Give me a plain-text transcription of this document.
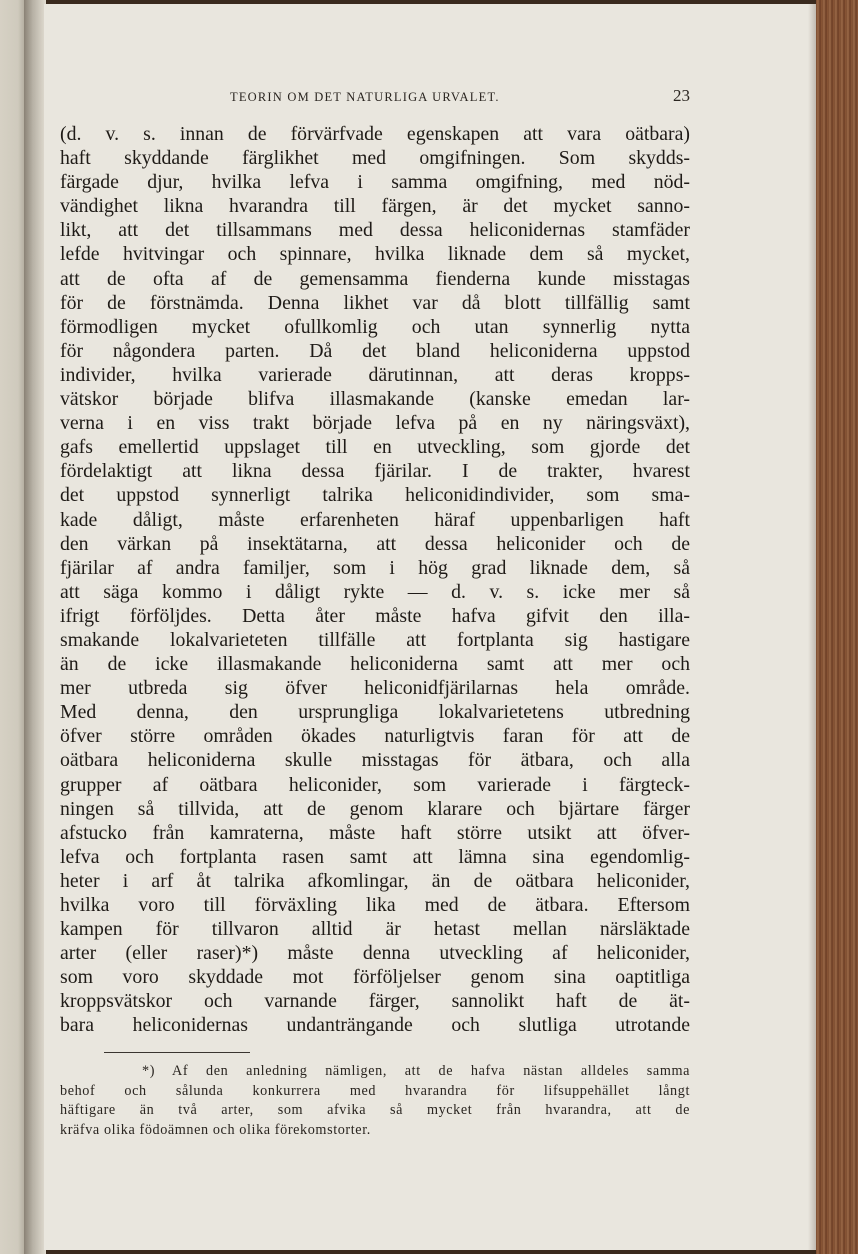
TEORIN OM DET NATURLIGA URVALET.	23
(d. v. s. innan de förvärfvade egenskapen att vara oätbara)
haft skyddande färglikhet med omgifningen. Som skydds-
färgade djur, hvilka lefva i samma omgifning, med nöd-
vändighet likna hvarandra till färgen, är det mycket sanno-
likt, att det tillsammans med dessa heliconidernas stamfäder
lefde hvitvingar och spinnare, hvilka liknade dem så mycket,
att de ofta af de gemensamma fienderna kunde misstagas
för de förstnämda. Denna likhet var då blott tillfällig samt
förmodligen mycket ofullkomlig och utan synnerlig nytta
för någondera parten. Då det bland heliconiderna uppstod
individer, hvilka varierade därutinnan, att deras kropps-
vätskor började blifva illasmakande (kanske emedan lar-
verna i en viss trakt började lefva på en ny näringsväxt),
gafs emellertid uppslaget till en utveckling, som gjorde det
fördelaktigt att likna dessa fjärilar. I de trakter, hvarest
det uppstod synnerligt talrika heliconidindivider, som sma-
kade dåligt, måste erfarenheten häraf uppenbarligen haft
den värkan på insektätarna, att dessa heliconider och de
fjärilar af andra familjer, som i hög grad liknade dem, så
att säga kommo i dåligt rykte — d. v. s. icke mer så
ifrigt förföljdes. Detta åter måste hafva gifvit den illa-
smakande lokalvarieteten tillfälle att fortplanta sig hastigare
än de icke illasmakande heliconiderna samt att mer och
mer utbreda sig öfver heliconidfjärilarnas hela område.
Med denna, den ursprungliga lokalvarietetens utbredning
öfver större områden ökades naturligtvis faran för att de
oätbara heliconiderna skulle misstagas för ätbara, och alla
grupper af oätbara heliconider, som varierade i färgteck-
ningen så tillvida, att de genom klarare och bjärtare färger
afstucko från kamraterna, måste haft större utsikt att öfver-
lefva och fortplanta rasen samt att lämna sina egendomlig-
heter i arf åt talrika afkomlingar, än de oätbara heliconider,
hvilka voro till förväxling lika med de ätbara. Eftersom
kampen för tillvaron alltid är hetast mellan närsläktade
arter (eller raser)*) måste denna utveckling af heliconider,
som voro skyddade mot förföljelser genom sina oaptitliga
kroppsvätskor och varnande färger, sannolikt haft de ät-
bara heliconidernas undanträngande och slutliga utrotande
*) Af den anledning nämligen, att de hafva nästan alldeles samma
behof och sålunda konkurrera med hvarandra för lifsuppehället långt
häftigare än två arter, som afvika så mycket från hvarandra, att de
kräfva olika födoämnen och olika förekomstorter.
